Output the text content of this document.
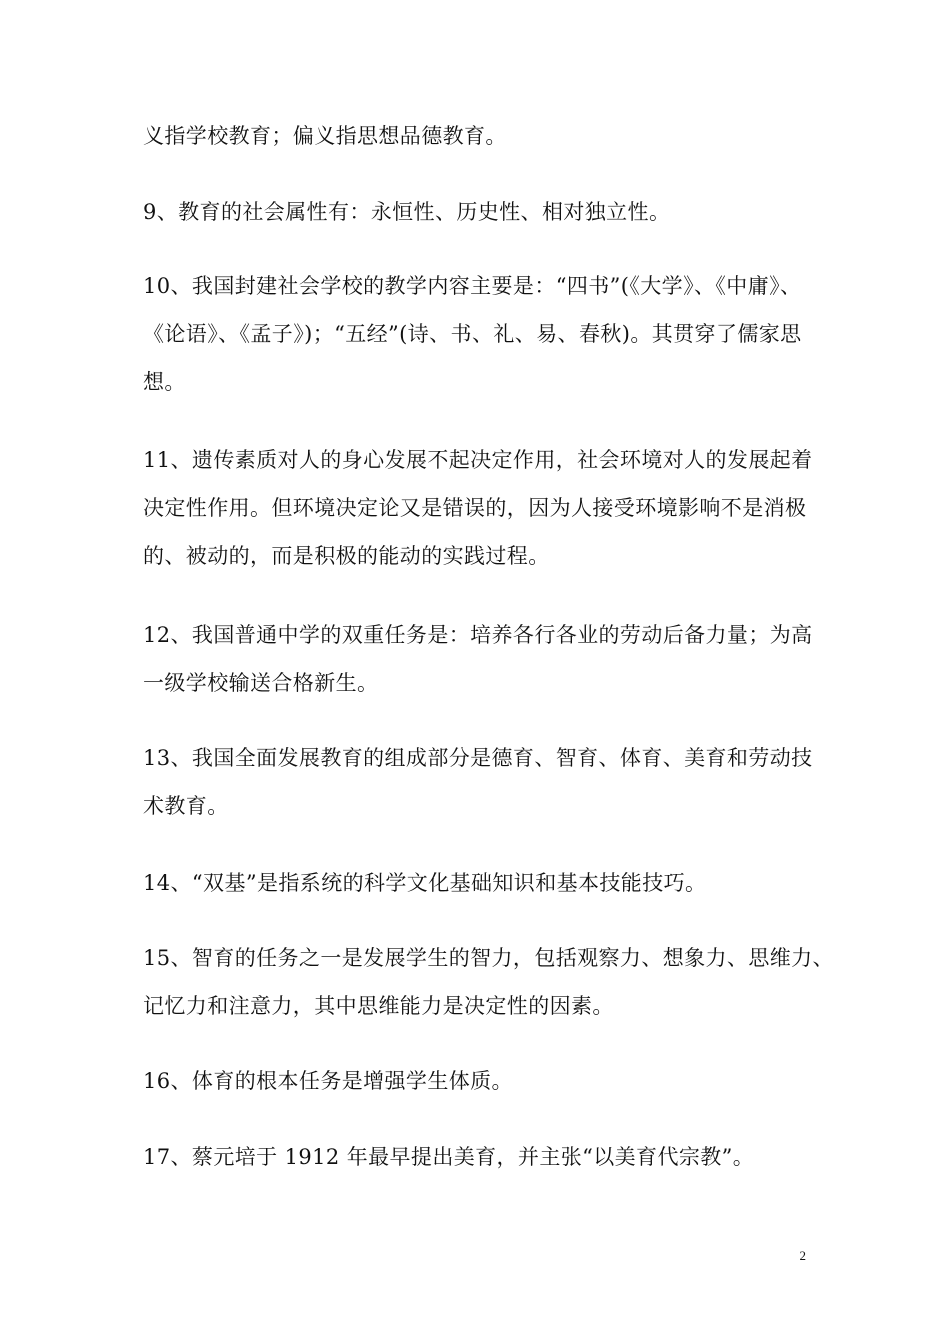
义指学校教育；偏义指思想品德教育。

9、教育的社会属性有：永恒性、历史性、相对独立性。

10、我国封建社会学校的教学内容主要是：“四书”(《大学》、《中庸》、
《论语》、《孟子》)；“五经”(诗、书、礼、易、春秋)。其贯穿了儒家思
想。

11、遗传素质对人的身心发展不起决定作用，社会环境对人的发展起着
决定性作用。但环境决定论又是错误的，因为人接受环境影响不是消极
的、被动的，而是积极的能动的实践过程。

12、我国普通中学的双重任务是：培养各行各业的劳动后备力量；为高
一级学校输送合格新生。

13、我国全面发展教育的组成部分是德育、智育、体育、美育和劳动技
术教育。

14、“双基”是指系统的科学文化基础知识和基本技能技巧。

15、智育的任务之一是发展学生的智力，包括观察力、想象力、思维力、
记忆力和注意力，其中思维能力是决定性的因素。

16、体育的根本任务是增强学生体质。

17、蔡元培于 1912 年最早提出美育，并主张“以美育代宗教”。

2
